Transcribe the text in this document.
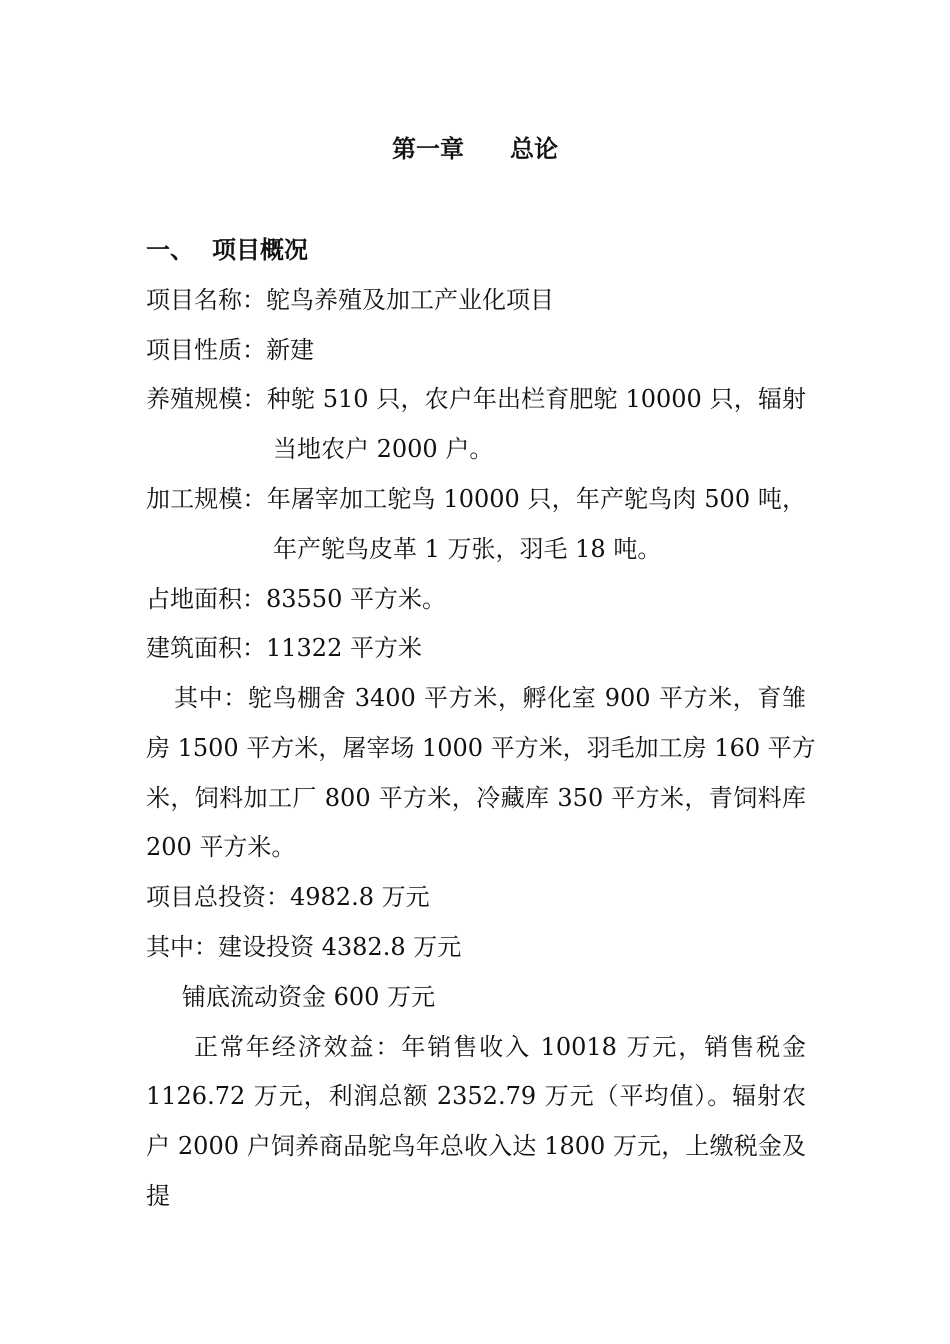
第一章 总论
一、 项目概况
项目名称：鸵鸟养殖及加工产业化项目
项目性质：新建
养殖规模：种鸵 510 只，农户年出栏育肥鸵 10000 只，辐射
当地农户 2000 户。
加工规模：年屠宰加工鸵鸟 10000 只，年产鸵鸟肉 500 吨，
年产鸵鸟皮革 1 万张，羽毛 18 吨。
占地面积：83550 平方米。
建筑面积：11322 平方米
其中：鸵鸟棚舍 3400 平方米，孵化室 900 平方米，育雏
房 1500 平方米，屠宰场 1000 平方米，羽毛加工房 160 平方
米，饲料加工厂 800 平方米，冷藏库 350 平方米，青饲料库
200 平方米。
项目总投资：4982.8 万元
其中：建设投资 4382.8 万元
铺底流动资金 600 万元
正常年经济效益：年销售收入 10018 万元，销售税金
1126.72 万元，利润总额 2352.79 万元（平均值）。辐射农
户 2000 户饲养商品鸵鸟年总收入达 1800 万元，上缴税金及
提
